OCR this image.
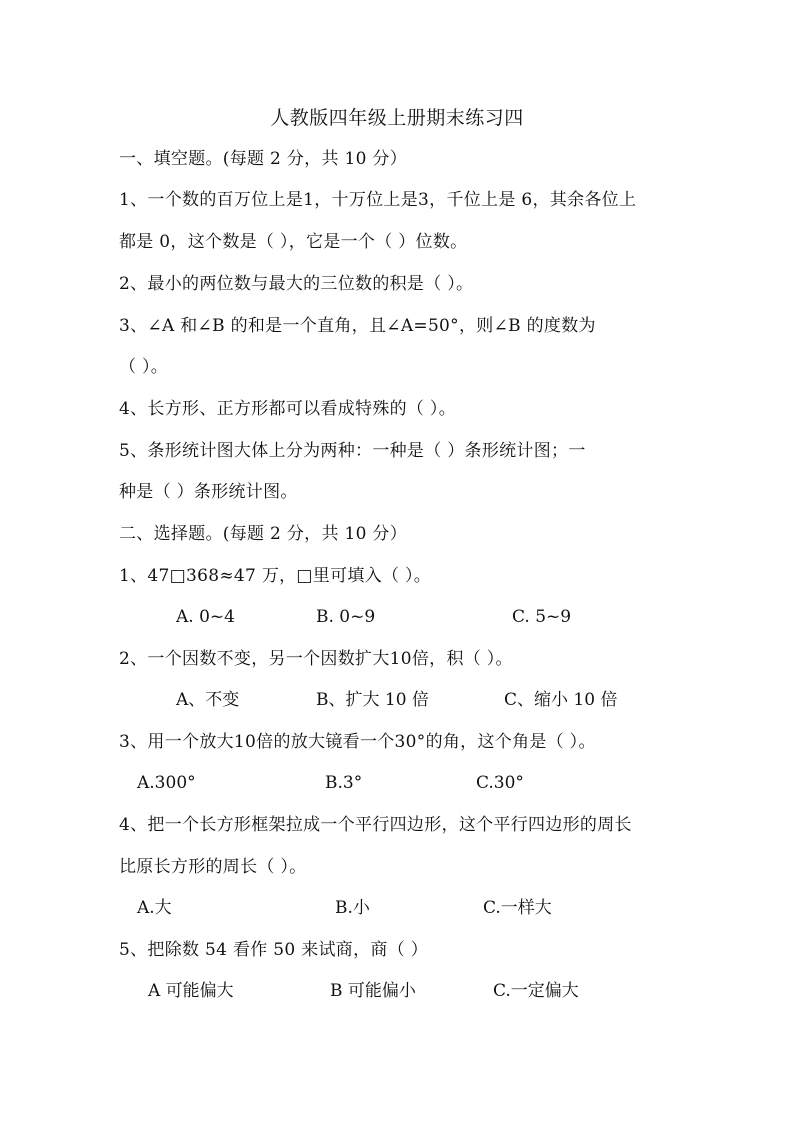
人教版四年级上册期末练习四
一、填空题。(每题 2 分，共 10 分）
1、一个数的百万位上是1，十万位上是3，千位上是 6，其余各位上
都是 0，这个数是（ ），它是一个（ ）位数。
2、最小的两位数与最大的三位数的积是（ ）。
3、∠A 和∠B 的和是一个直角，且∠A=50°，则∠B 的度数为
（ ）。
4、长方形、正方形都可以看成特殊的（ ）。
5、条形统计图大体上分为两种：一种是（ ）条形统计图；一
种是（ ）条形统计图。
二、选择题。(每题 2 分，共 10 分）
1、47□368≈47 万，□里可填入（ ）。
A. 0~4	B. 0~9	C. 5~9
2、一个因数不变，另一个因数扩大10倍，积（ ）。
A、不变	B、扩大 10 倍	C、缩小 10 倍
3、用一个放大10倍的放大镜看一个30°的角，这个角是（ ）。
A.300°	B.3°	C.30°
4、把一个长方形框架拉成一个平行四边形，这个平行四边形的周长
比原长方形的周长（ ）。
A.大	B.小	C.一样大
5、把除数 54 看作 50 来试商，商（ ）
A 可能偏大	B 可能偏小	C.一定偏大
